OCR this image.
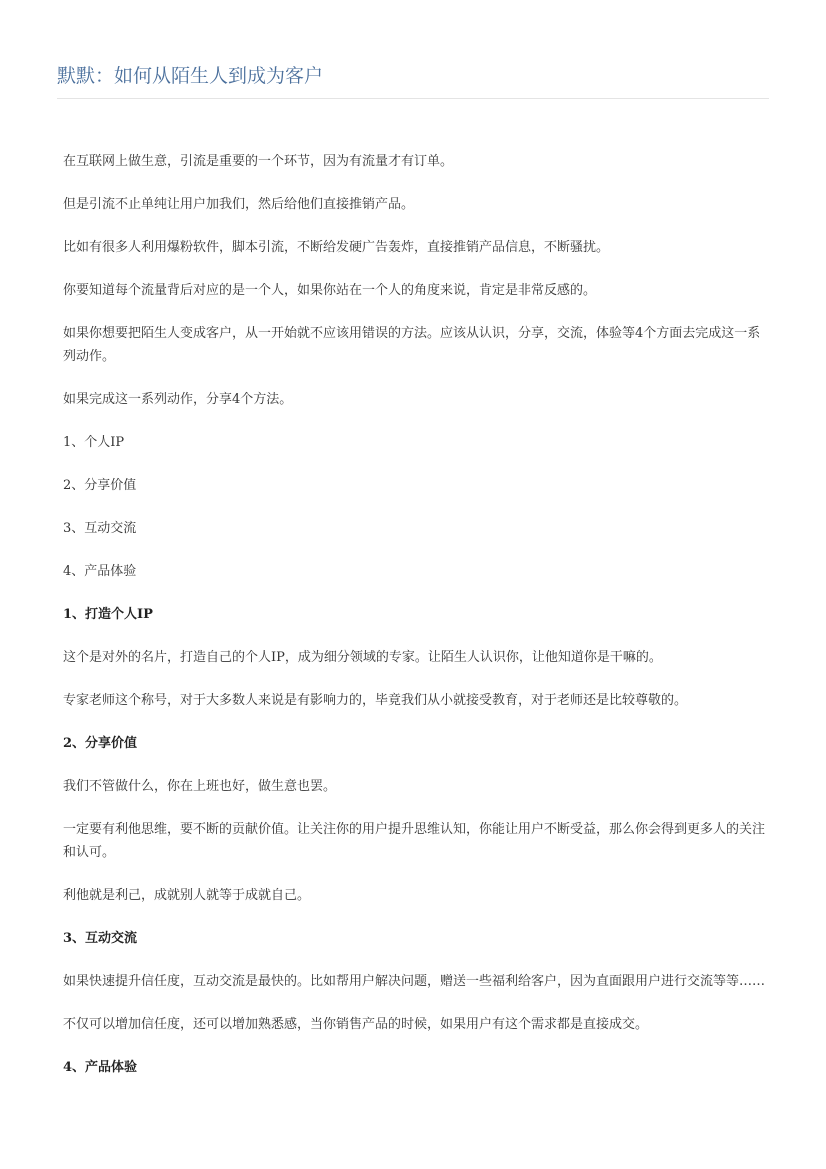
默默：如何从陌生人到成为客户

在互联网上做生意，引流是重要的一个环节，因为有流量才有订单。

但是引流不止单纯让用户加我们，然后给他们直接推销产品。

比如有很多人利用爆粉软件，脚本引流，不断给发硬广告轰炸，直接推销产品信息，不断骚扰。

你要知道每个流量背后对应的是一个人，如果你站在一个人的角度来说，肯定是非常反感的。

如果你想要把陌生人变成客户，从一开始就不应该用错误的方法。应该从认识，分享，交流，体验等4个方面去完成这一系列动作。

如果完成这一系列动作，分享4个方法。

1、个人IP

2、分享价值

3、互动交流

4、产品体验

1、打造个人IP

这个是对外的名片，打造自己的个人IP，成为细分领域的专家。让陌生人认识你，让他知道你是干嘛的。

专家老师这个称号，对于大多数人来说是有影响力的，毕竟我们从小就接受教育，对于老师还是比较尊敬的。

2、分享价值

我们不管做什么，你在上班也好，做生意也罢。

一定要有利他思维，要不断的贡献价值。让关注你的用户提升思维认知，你能让用户不断受益，那么你会得到更多人的关注和认可。

利他就是利己，成就别人就等于成就自己。

3、互动交流

如果快速提升信任度，互动交流是最快的。比如帮用户解决问题，赠送一些福利给客户，因为直面跟用户进行交流等等……

不仅可以增加信任度，还可以增加熟悉感，当你销售产品的时候，如果用户有这个需求都是直接成交。

4、产品体验
